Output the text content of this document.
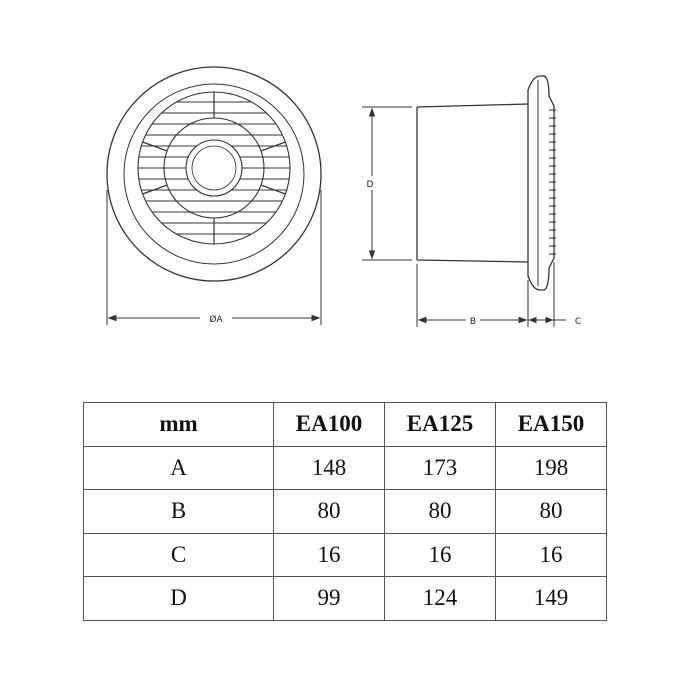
ØA
D
B	C
mm	EA100	EA125	EA150
A	148	173	198
B	80	80	80
C	16	16	16
D	99	124	149
